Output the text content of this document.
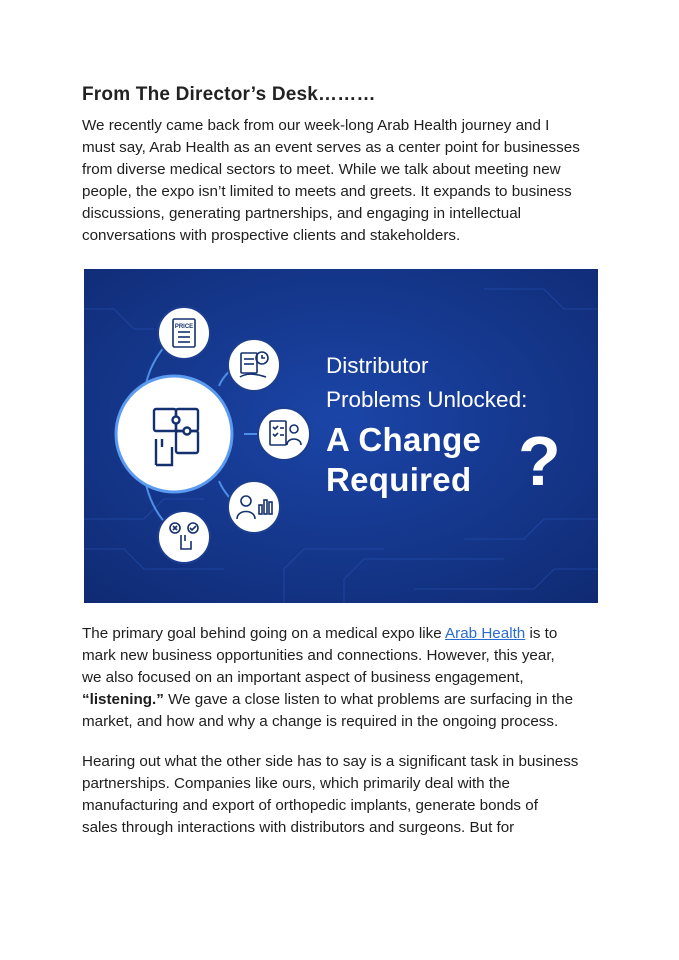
From The Director’s Desk………
We recently came back from our week-long Arab Health journey and I
must say, Arab Health as an event serves as a center point for businesses
from diverse medical sectors to meet. While we talk about meeting new
people, the expo isn’t limited to meets and greets. It expands to business
discussions, generating partnerships, and engaging in intellectual
conversations with prospective clients and stakeholders.
PRICE
Distributor
Problems Unlocked:
A Change
Required ?
The primary goal behind going on a medical expo like Arab Health is to
mark new business opportunities and connections. However, this year,
we also focused on an important aspect of business engagement,
“listening.” We gave a close listen to what problems are surfacing in the
market, and how and why a change is required in the ongoing process.
Hearing out what the other side has to say is a significant task in business
partnerships. Companies like ours, which primarily deal with the
manufacturing and export of orthopedic implants, generate bonds of
sales through interactions with distributors and surgeons. But for
